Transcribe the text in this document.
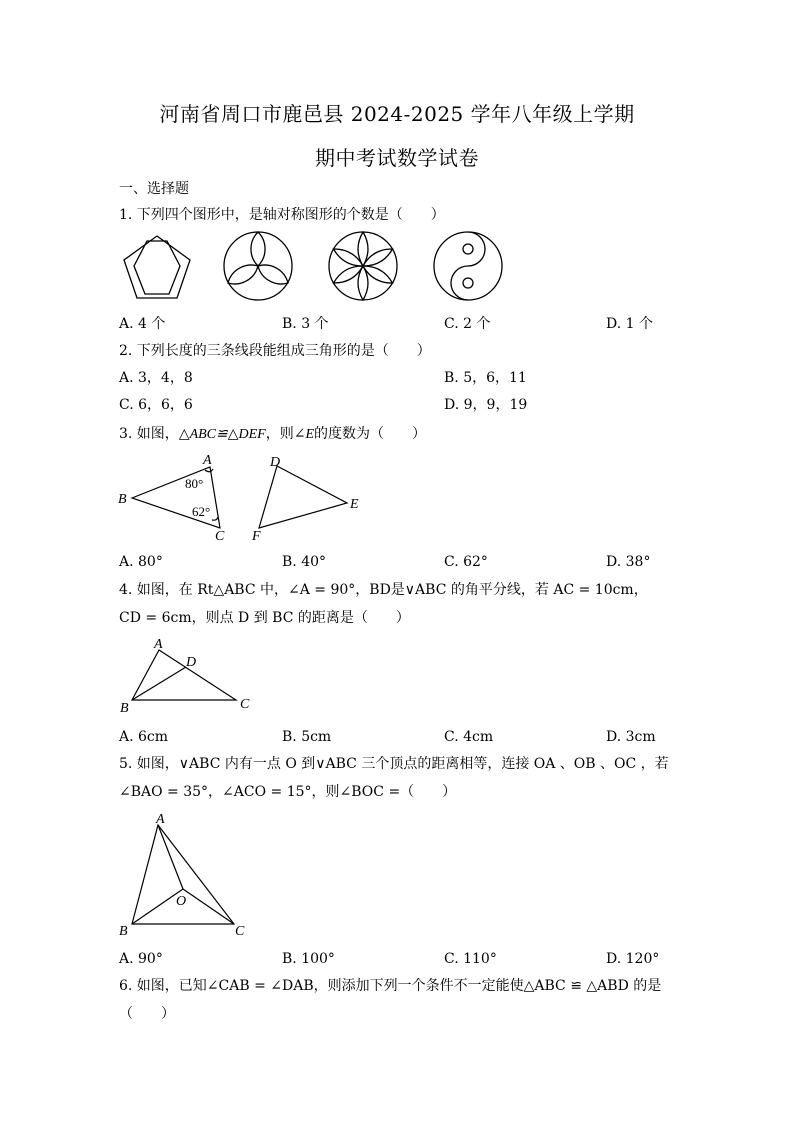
河南省周口市鹿邑县 2024-2025 学年八年级上学期
期中考试数学试卷
一、选择题
1. 下列四个图形中，是轴对称图形的个数是（　　）
A. 4 个	B. 3 个	C. 2 个	D. 1 个
2. 下列长度的三条线段能组成三角形的是（　　）
A. 3，4，8	B. 5，6，11
C. 6，6，6	D. 9，9，19
3. 如图，△ABC≌△DEF，则∠E的度数为（　　）
A
B
C
D
E
F
80°
62°
A. 80°	B. 40°	C. 62°	D. 38°
4. 如图，在 Rt△ABC 中，∠A = 90°，BD是∨ABC 的角平分线，若 AC = 10cm，
CD = 6cm，则点 D 到 BC 的距离是（　　）
A
B	C
D
A. 6cm	B. 5cm	C. 4cm	D. 3cm
5. 如图，∨ABC 内有一点 O 到∨ABC 三个顶点的距离相等，连接 OA 、OB 、OC ，若
∠BAO = 35°，∠ACO = 15°，则∠BOC =（　　）
A
B	C
O
A. 90°	B. 100°	C. 110°	D. 120°
6. 如图，已知∠CAB = ∠DAB，则添加下列一个条件不一定能使△ABC ≌ △ABD 的是
（　　）
